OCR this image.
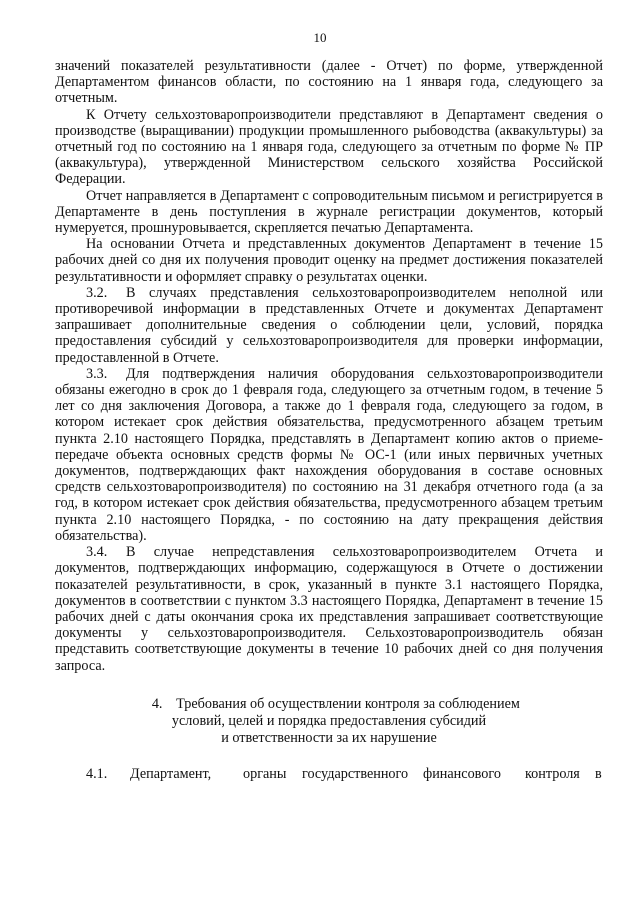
10

значений показателей результативности (далее - Отчет) по форме, утвержденной Департаментом финансов области, по состоянию на 1 января года, следующего за отчетным.

К Отчету сельхозтоваропроизводители представляют в Департамент сведения о производстве (выращивании) продукции промышленного рыбоводства (аквакультуры) за отчетный год по состоянию на 1 января года, следующего за отчетным по форме № ПР (аквакультура), утвержденной Министерством сельского хозяйства Российской Федерации.

Отчет направляется в Департамент с сопроводительным письмом и регистрируется в Департаменте в день поступления в журнале регистрации документов, который нумеруется, прошнуровывается, скрепляется печатью Департамента.

На основании Отчета и представленных документов Департамент в течение 15 рабочих дней со дня их получения проводит оценку на предмет достижения показателей результативности и оформляет справку о результатах оценки.

3.2. В случаях представления сельхозтоваропроизводителем неполной или противоречивой информации в представленных Отчете и документах Департамент запрашивает дополнительные сведения о соблюдении цели, условий, порядка предоставления субсидий у сельхозтоваропроизводителя для проверки информации, предоставленной в Отчете.

3.3. Для подтверждения наличия оборудования сельхозтоваропроизводители обязаны ежегодно в срок до 1 февраля года, следующего за отчетным годом, в течение 5 лет со дня заключения Договора, а также до 1 февраля года, следующего за годом, в котором истекает срок действия обязательства, предусмотренного абзацем третьим пункта 2.10 настоящего Порядка, представлять в Департамент копию актов о приеме-передаче объекта основных средств формы № ОС-1 (или иных первичных учетных документов, подтверждающих факт нахождения оборудования в составе основных средств сельхозтоваропроизводителя) по состоянию на 31 декабря отчетного года (а за год, в котором истекает срок действия обязательства, предусмотренного абзацем третьим пункта 2.10 настоящего Порядка, - по состоянию на дату прекращения действия обязательства).

3.4. В случае непредставления сельхозтоваропроизводителем Отчета и документов, подтверждающих информацию, содержащуюся в Отчете о достижении показателей результативности, в срок, указанный в пункте 3.1 настоящего Порядка, документов в соответствии с пунктом 3.3 настоящего Порядка, Департамент в течение 15 рабочих дней с даты окончания срока их представления запрашивает соответствующие документы у сельхозтоваропроизводителя. Сельхозтоваропроизводитель обязан представить соответствующие документы в течение 10 рабочих дней со дня получения запроса.

4. Требования об осуществлении контроля за соблюдением
условий, целей и порядка предоставления субсидий
и ответственности за их нарушение
4.1. Департамент, органы государственного финансового контроля в
